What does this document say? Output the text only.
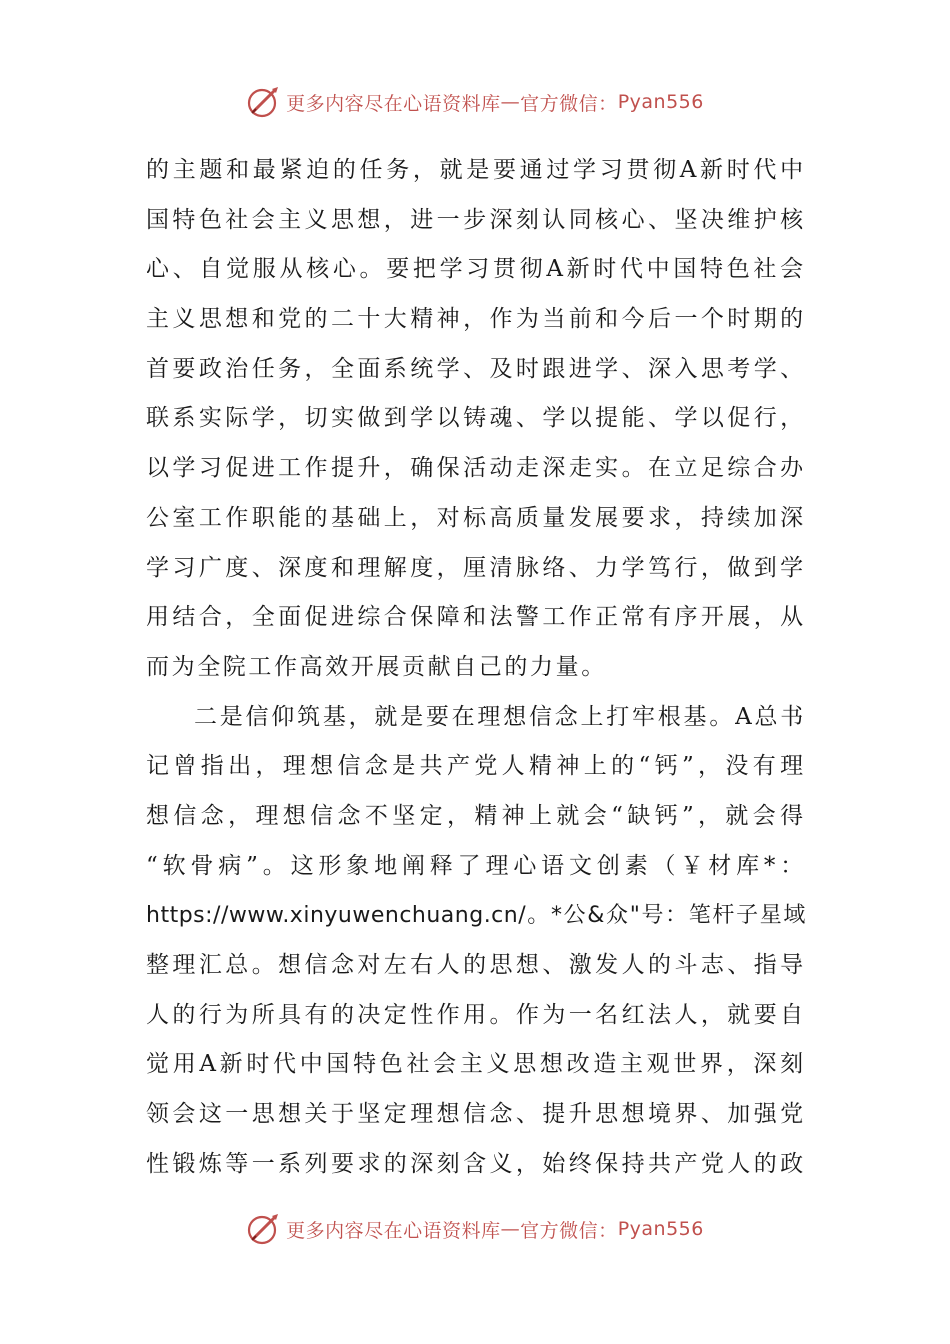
更多内容尽在心语资料库 — 官方微信： Pyan556
的 主 题 和 最 紧 迫 的 任 务 ， 就 是 要 通 过 学 习 贯 彻 A 新 时 代 中
国 特 色 社 会 主 义 思 想 ， 进 一 步 深 刻 认 同 核 心 、 坚 决 维 护 核
心 、 自 觉 服 从 核 心 。 要 把 学 习 贯 彻 A 新 时 代 中 国 特 色 社 会
主 义 思 想 和 党 的 二 十 大 精 神 ， 作 为 当 前 和 今 后 一 个 时 期 的
首 要 政 治 任 务 ， 全 面 系 统 学 、 及 时 跟 进 学 、 深 入 思 考 学 、
联 系 实 际 学 ， 切 实 做 到 学 以 铸 魂 、 学 以 提 能 、 学 以 促 行 ，
以 学 习 促 进 工 作 提 升 ， 确 保 活 动 走 深 走 实 。 在 立 足 综 合 办
公 室 工 作 职 能 的 基 础 上 ， 对 标 高 质 量 发 展 要 求 ， 持 续 加 深
学 习 广 度 、 深 度 和 理 解 度 ， 厘 清 脉 络 、 力 学 笃 行 ， 做 到 学
用 结 合 ， 全 面 促 进 综 合 保 障 和 法 警 工 作 正 常 有 序 开 展 ， 从
而为全院工作高效开展贡献自己的力量。
二 是 信 仰 筑 基 ， 就 是 要 在 理 想 信 念 上 打 牢 根 基 。 A 总 书
记 曾 指 出 ， 理 想 信 念 是 共 产 党 人 精 神 上 的 “ 钙 ” ， 没 有 理
想 信 念 ， 理 想 信 念 不 坚 定 ， 精 神 上 就 会 “ 缺 钙 ” ， 就 会 得
“ 软 骨 病 ” 。 这 形 象 地 阐 释 了 理 心 语 文 创 素 （ ￥ 材 库 * ：
https://www.xinyuwenchuang.cn/ 。 * 公 & 众 " 号 ： 笔 杆 子 星 域
整 理 汇 总 。 想 信 念 对 左 右 人 的 思 想 、 激 发 人 的 斗 志 、 指 导
人 的 行 为 所 具 有 的 决 定 性 作 用 。 作 为 一 名 红 法 人 ， 就 要 自
觉 用 A 新 时 代 中 国 特 色 社 会 主 义 思 想 改 造 主 观 世 界 ， 深 刻
领 会 这 一 思 想 关 于 坚 定 理 想 信 念 、 提 升 思 想 境 界 、 加 强 党
性 锻 炼 等 一 系 列 要 求 的 深 刻 含 义 ， 始 终 保 持 共 产 党 人 的 政
更多内容尽在心语资料库 — 官方微信： Pyan556
